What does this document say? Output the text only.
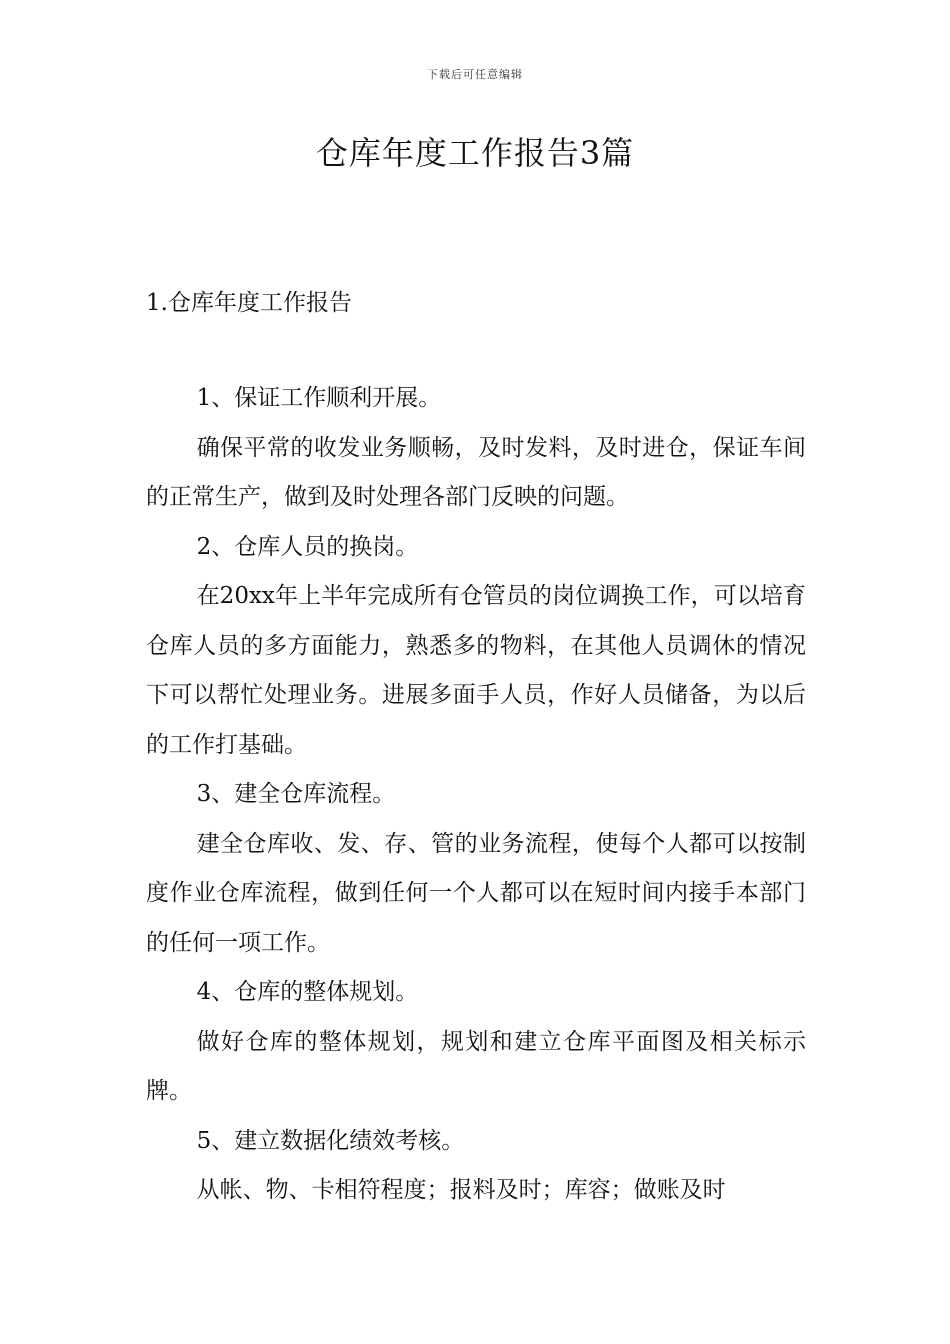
下载后可任意编辑
仓库年度工作报告3篇
1.仓库年度工作报告

1、保证工作顺利开展。

确保平常的收发业务顺畅，及时发料，及时进仓，保证车间的正常生产，做到及时处理各部门反映的问题。

2、仓库人员的换岗。

在20xx年上半年完成所有仓管员的岗位调换工作，可以培育仓库人员的多方面能力，熟悉多的物料，在其他人员调休的情况下可以帮忙处理业务。进展多面手人员，作好人员储备，为以后的工作打基础。

3、建全仓库流程。

建全仓库收、发、存、管的业务流程，使每个人都可以按制度作业仓库流程，做到任何一个人都可以在短时间内接手本部门的任何一项工作。

4、仓库的整体规划。

做好仓库的整体规划，规划和建立仓库平面图及相关标示牌。

5、建立数据化绩效考核。

从帐、物、卡相符程度；报料及时；库容；做账及时
